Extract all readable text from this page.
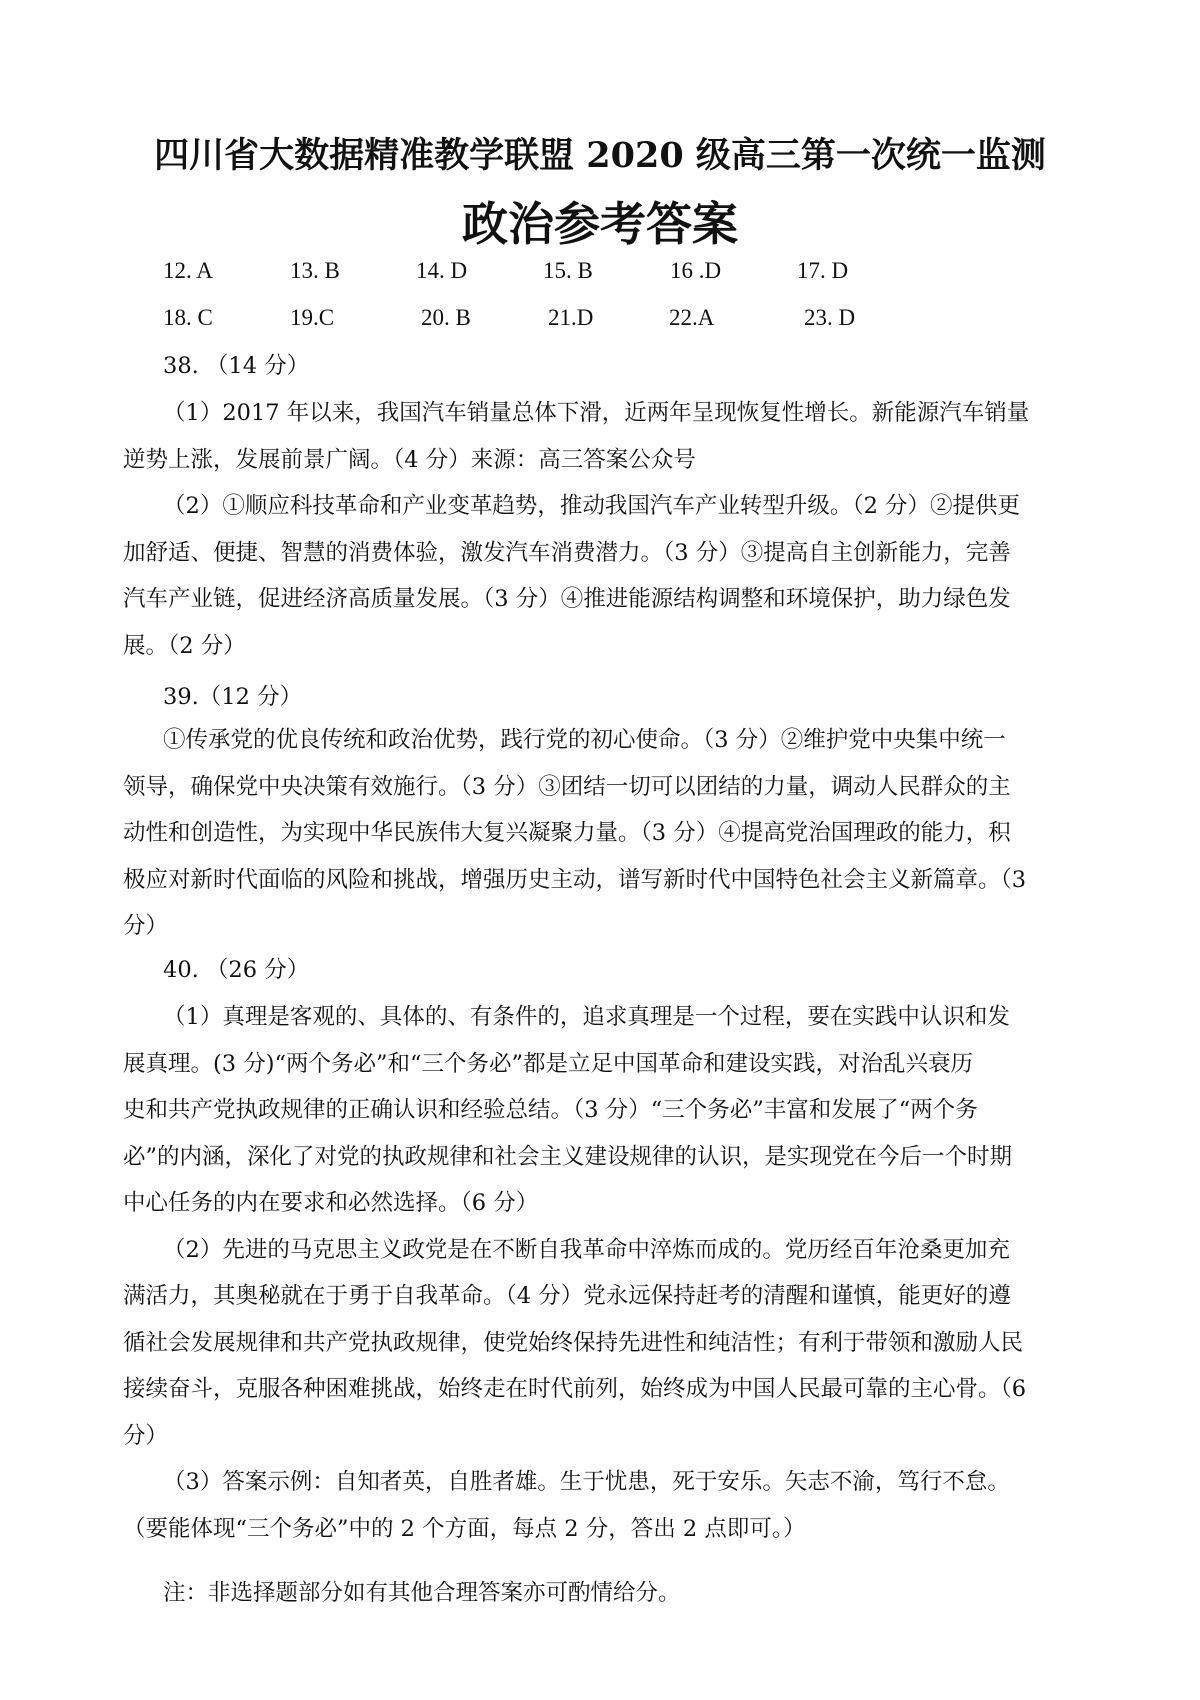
四川省大数据精准教学联盟 2020 级高三第一次统一监测
政治参考答案
12. A	13. B	14. D	15. B	16 .D	17. D
18. C	19.C	20. B	21.D	22.A	23. D
38. （14 分）

（1）2017 年以来，我国汽车销量总体下滑，近两年呈现恢复性增长。新能源汽车销量
逆势上涨，发展前景广阔。（4 分）来源：高三答案公众号

（2）①顺应科技革命和产业变革趋势，推动我国汽车产业转型升级。（2 分）②提供更
加舒适、便捷、智慧的消费体验，激发汽车消费潜力。（3 分）③提高自主创新能力，完善
汽车产业链，促进经济高质量发展。（3 分）④推进能源结构调整和环境保护，助力绿色发
展。（2 分）

39.（12 分）

①传承党的优良传统和政治优势，践行党的初心使命。（3 分）②维护党中央集中统一
领导，确保党中央决策有效施行。（3 分）③团结一切可以团结的力量，调动人民群众的主
动性和创造性，为实现中华民族伟大复兴凝聚力量。（3 分）④提高党治国理政的能力，积
极应对新时代面临的风险和挑战，增强历史主动，谱写新时代中国特色社会主义新篇章。（3
分）

40. （26 分）

（1）真理是客观的、具体的、有条件的，追求真理是一个过程，要在实践中认识和发
展真理。(3 分)“两个务必”和“三个务必”都是立足中国革命和建设实践，对治乱兴衰历
史和共产党执政规律的正确认识和经验总结。（3 分）“三个务必”丰富和发展了“两个务
必”的内涵，深化了对党的执政规律和社会主义建设规律的认识，是实现党在今后一个时期
中心任务的内在要求和必然选择。（6 分）

（2）先进的马克思主义政党是在不断自我革命中淬炼而成的。党历经百年沧桑更加充
满活力，其奥秘就在于勇于自我革命。（4 分）党永远保持赶考的清醒和谨慎，能更好的遵
循社会发展规律和共产党执政规律，使党始终保持先进性和纯洁性；有利于带领和激励人民
接续奋斗，克服各种困难挑战，始终走在时代前列，始终成为中国人民最可靠的主心骨。（6
分）

（3）答案示例：自知者英，自胜者雄。生于忧患，死于安乐。矢志不渝，笃行不怠。
（要能体现“三个务必”中的 2 个方面，每点 2 分，答出 2 点即可。）

注：非选择题部分如有其他合理答案亦可酌情给分。
